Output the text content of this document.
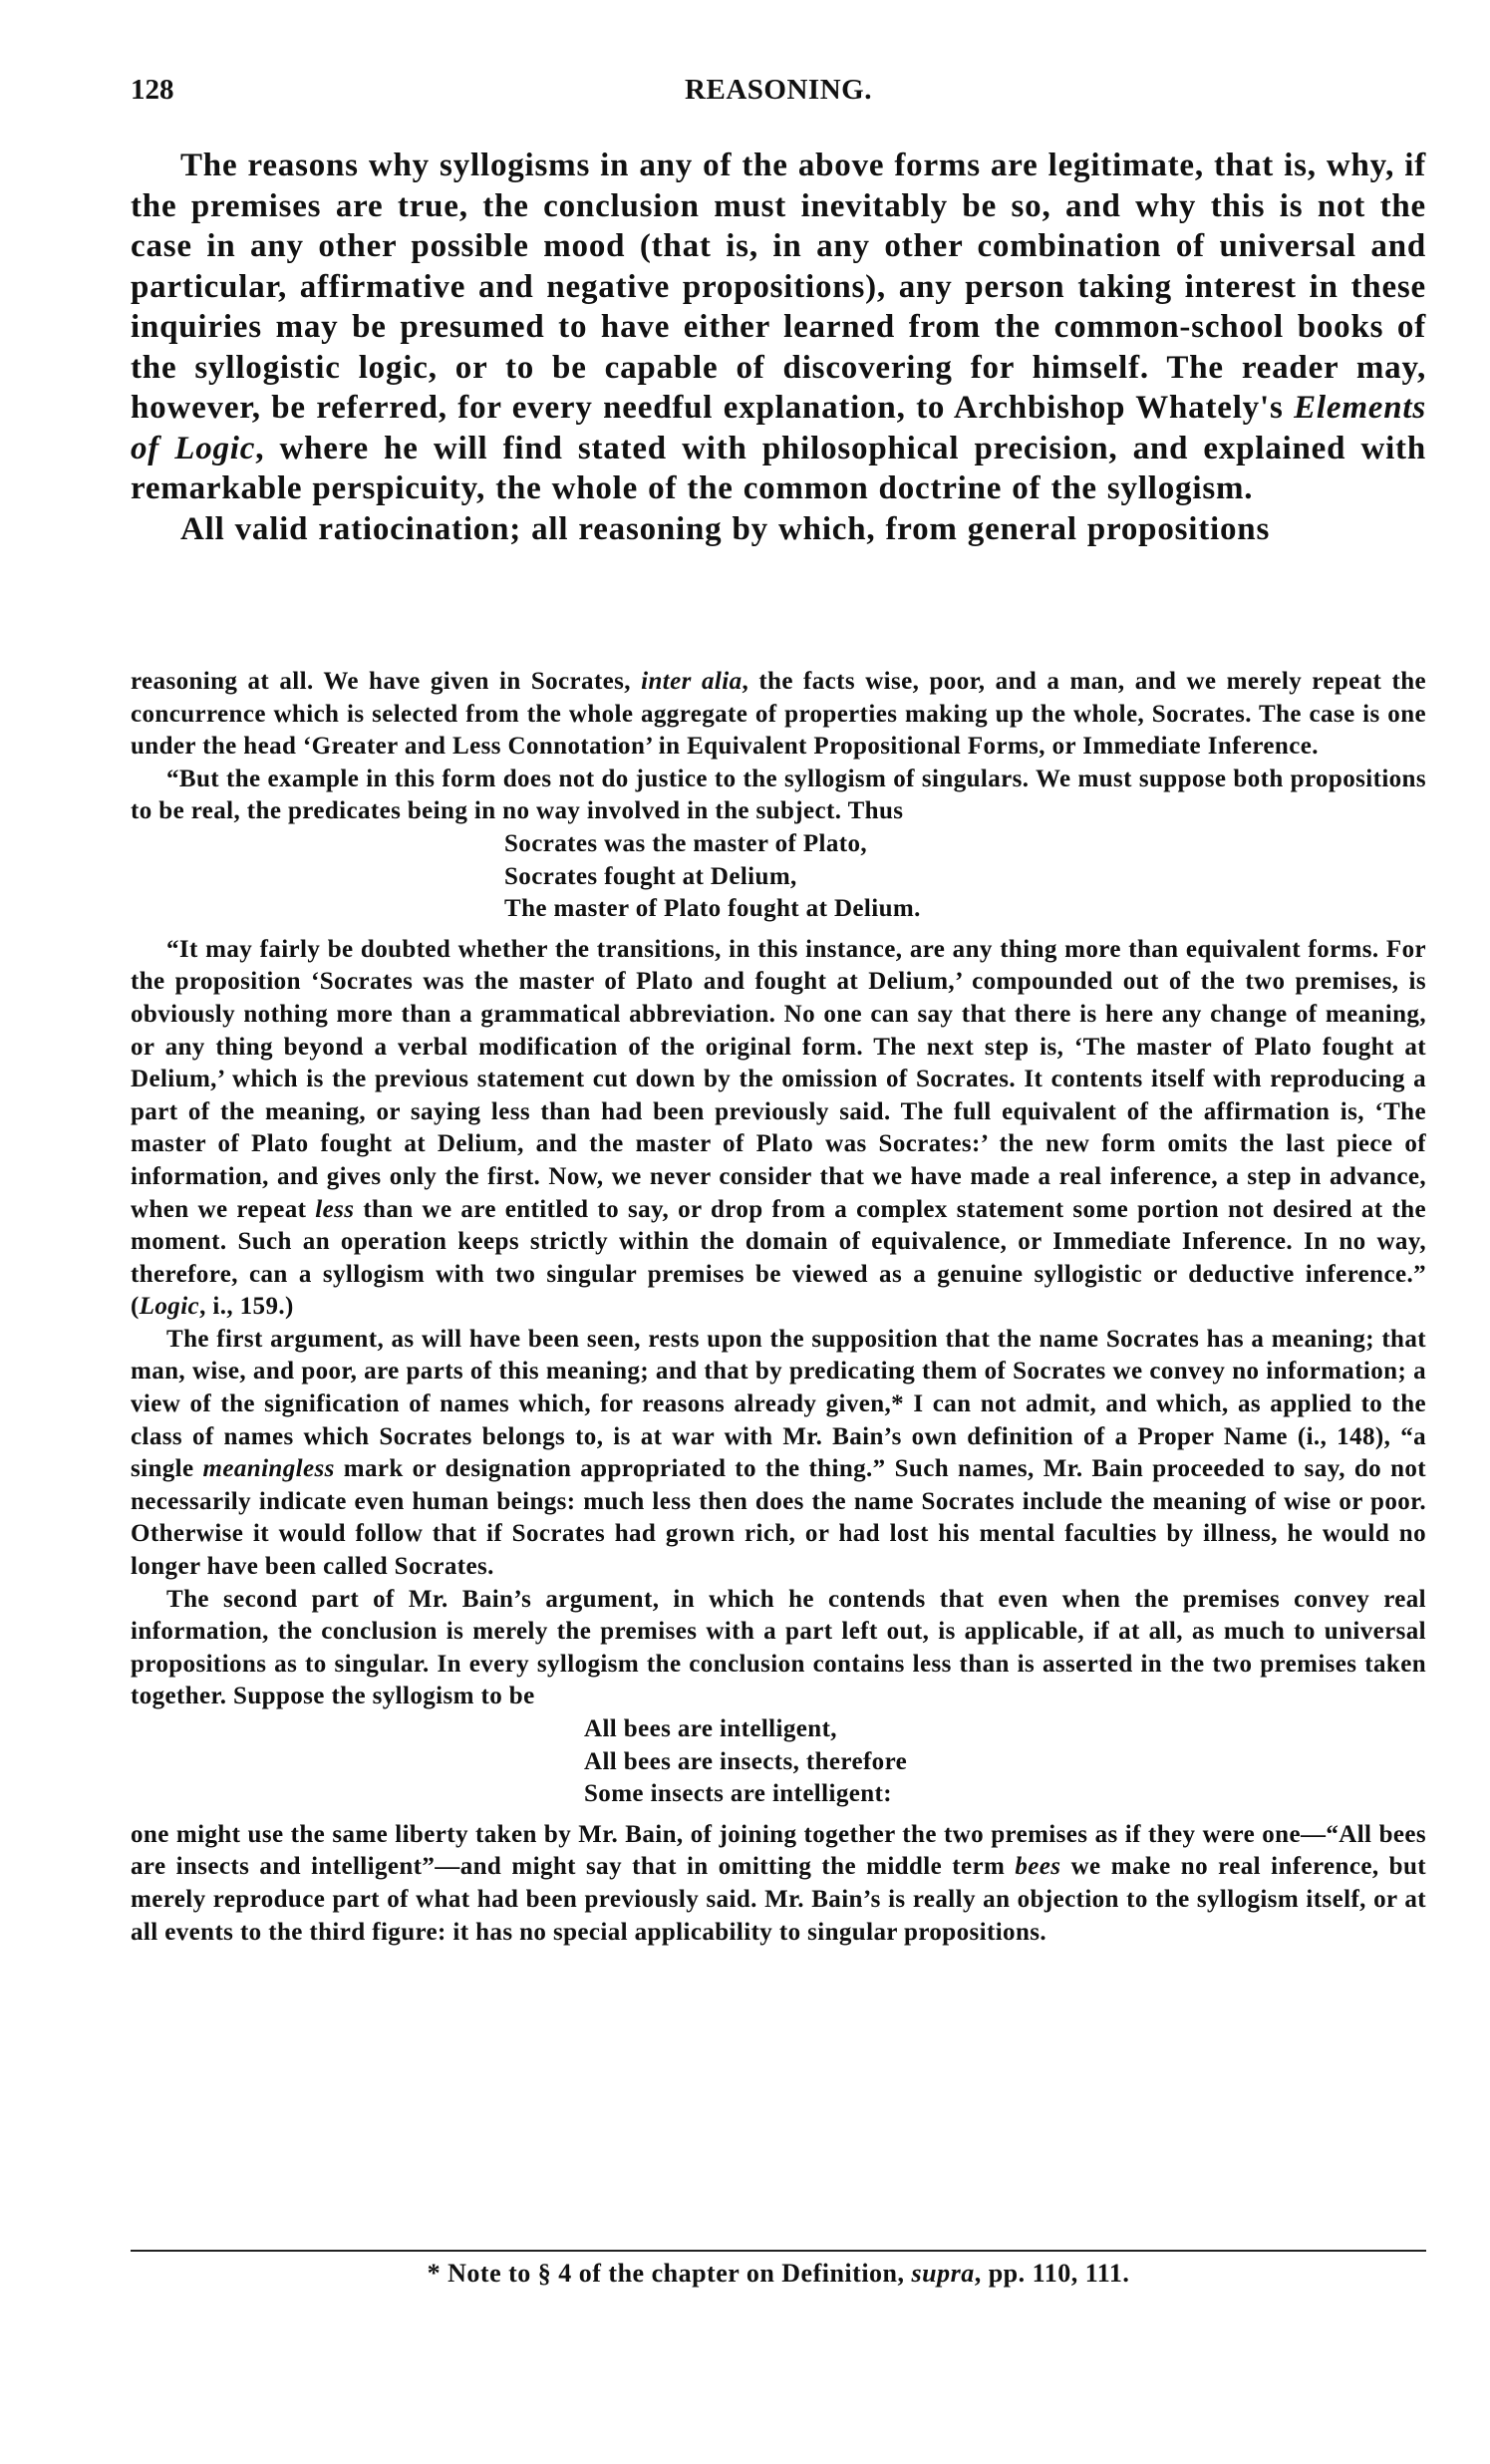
128	REASONING.

The reasons why syllogisms in any of the above forms are legitimate, that is, why, if the premises are true, the conclusion must inevitably be so, and why this is not the case in any other possible mood (that is, in any other combination of universal and particular, affirmative and negative propositions), any person taking interest in these inquiries may be presumed to have either learned from the common-school books of the syllogistic logic, or to be capable of discovering for himself. The reader may, however, be referred, for every needful explanation, to Archbishop Whately's Elements of Logic, where he will find stated with philosophical precision, and explained with remarkable perspicuity, the whole of the common doctrine of the syllogism.

All valid ratiocination; all reasoning by which, from general propositions

reasoning at all. We have given in Socrates, inter alia, the facts wise, poor, and a man, and we merely repeat the concurrence which is selected from the whole aggregate of properties making up the whole, Socrates. The case is one under the head ‘Greater and Less Connotation’ in Equivalent Propositional Forms, or Immediate Inference.

“But the example in this form does not do justice to the syllogism of singulars. We must suppose both propositions to be real, the predicates being in no way involved in the subject. Thus

Socrates was the master of Plato,
Socrates fought at Delium,
The master of Plato fought at Delium.

“It may fairly be doubted whether the transitions, in this instance, are any thing more than equivalent forms. For the proposition ‘Socrates was the master of Plato and fought at Delium,’ compounded out of the two premises, is obviously nothing more than a grammatical abbreviation. No one can say that there is here any change of meaning, or any thing beyond a verbal modification of the original form. The next step is, ‘The master of Plato fought at Delium,’ which is the previous statement cut down by the omission of Socrates. It contents itself with reproducing a part of the meaning, or saying less than had been previously said. The full equivalent of the affirmation is, ‘The master of Plato fought at Delium, and the master of Plato was Socrates:’ the new form omits the last piece of information, and gives only the first. Now, we never consider that we have made a real inference, a step in advance, when we repeat less than we are entitled to say, or drop from a complex statement some portion not desired at the moment. Such an operation keeps strictly within the domain of equivalence, or Immediate Inference. In no way, therefore, can a syllogism with two singular premises be viewed as a genuine syllogistic or deductive inference.” (Logic, i., 159.)

The first argument, as will have been seen, rests upon the supposition that the name Socrates has a meaning; that man, wise, and poor, are parts of this meaning; and that by predicating them of Socrates we convey no information; a view of the signification of names which, for reasons already given,* I can not admit, and which, as applied to the class of names which Socrates belongs to, is at war with Mr. Bain’s own definition of a Proper Name (i., 148), “a single meaningless mark or designation appropriated to the thing.” Such names, Mr. Bain proceeded to say, do not necessarily indicate even human beings: much less then does the name Socrates include the meaning of wise or poor. Otherwise it would follow that if Socrates had grown rich, or had lost his mental faculties by illness, he would no longer have been called Socrates.

The second part of Mr. Bain’s argument, in which he contends that even when the premises convey real information, the conclusion is merely the premises with a part left out, is applicable, if at all, as much to universal propositions as to singular. In every syllogism the conclusion contains less than is asserted in the two premises taken together. Suppose the syllogism to be

All bees are intelligent,
All bees are insects, therefore
Some insects are intelligent:

one might use the same liberty taken by Mr. Bain, of joining together the two premises as if they were one—“All bees are insects and intelligent”—and might say that in omitting the middle term bees we make no real inference, but merely reproduce part of what had been previously said. Mr. Bain’s is really an objection to the syllogism itself, or at all events to the third figure: it has no special applicability to singular propositions.

* Note to § 4 of the chapter on Definition, supra, pp. 110, 111.
